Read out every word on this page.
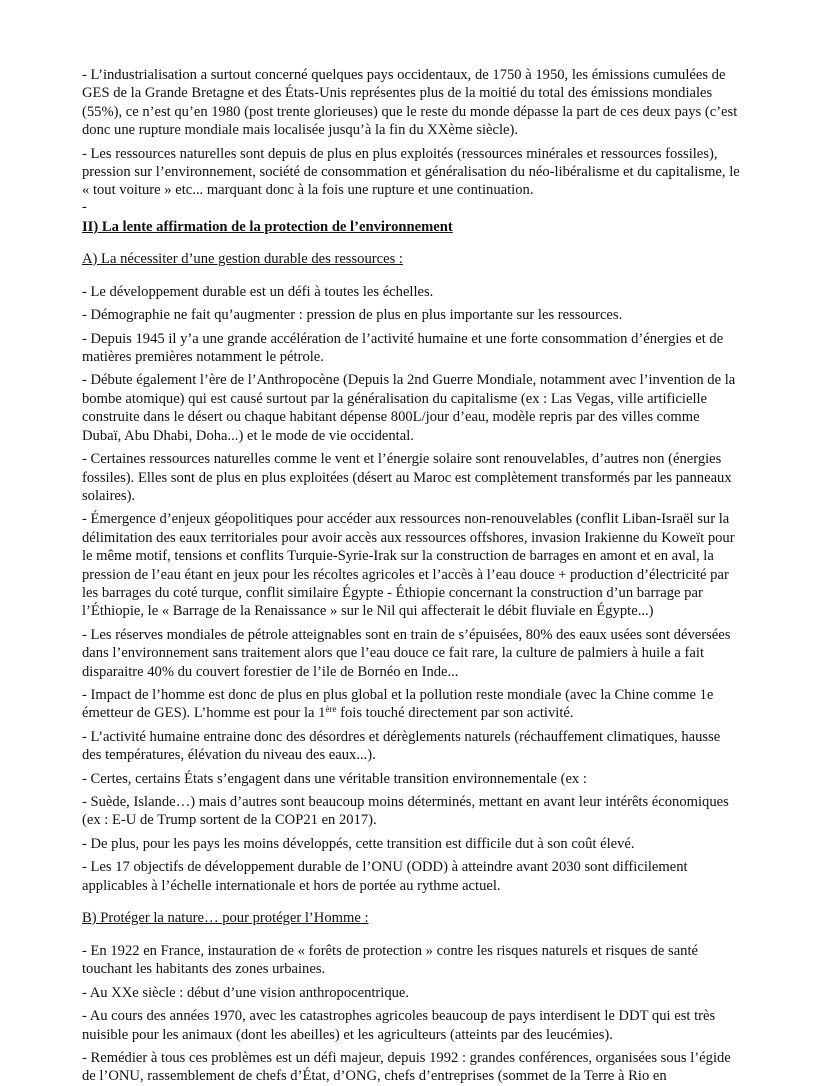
- L’industrialisation a surtout concerné quelques pays occidentaux, de 1750 à 1950, les émissions cumulées de GES de la Grande Bretagne et des États-Unis représentes plus de la moitié du total des émissions mondiales (55%), ce n’est qu’en 1980 (post trente glorieuses) que le reste du monde dépasse la part de ces deux pays (c’est donc une rupture mondiale mais localisée jusqu’à la fin du XXème siècle).

- Les ressources naturelles sont depuis de plus en plus exploités (ressources minérales et ressources fossiles), pression sur l’environnement, société de consommation et généralisation du néo-libéralisme et du capitalisme, le « tout voiture » etc... marquant donc à la fois une rupture et une continuation.

-

II) La lente affirmation de la protection de l’environnement

A) La nécessiter d’une gestion durable des ressources :

- Le développement durable est un défi à toutes les échelles.

- Démographie ne fait qu’augmenter : pression de plus en plus importante sur les ressources.

- Depuis 1945 il y’a une grande accélération de l’activité humaine et une forte consommation d’énergies et de matières premières notamment le pétrole.

- Débute également l’ère de l’Anthropocène (Depuis la 2nd Guerre Mondiale, notamment avec l’invention de la bombe atomique) qui est causé surtout par la généralisation du capitalisme (ex : Las Vegas, ville artificielle construite dans le désert ou chaque habitant dépense 800L/jour d’eau, modèle repris par des villes comme Dubaï, Abu Dhabi, Doha...) et le mode de vie occidental.

- Certaines ressources naturelles comme le vent et l’énergie solaire sont renouvelables, d’autres non (énergies fossiles). Elles sont de plus en plus exploitées (désert au Maroc est complètement transformés par les panneaux solaires).

- Émergence d’enjeux géopolitiques pour accéder aux ressources non-renouvelables (conflit Liban-Israël sur la délimitation des eaux territoriales pour avoir accès aux ressources offshores, invasion Irakienne du Koweït pour le même motif, tensions et conflits Turquie-Syrie-Irak sur la construction de barrages en amont et en aval, la pression de l’eau étant en jeux pour les récoltes agricoles et l’accès à l’eau douce + production d’électricité par les barrages du coté turque, conflit similaire Égypte - Éthiopie concernant la construction d’un barrage par l’Éthiopie, le « Barrage de la Renaissance » sur le Nil qui affecterait le débit fluviale en Égypte...)

- Les réserves mondiales de pétrole atteignables sont en train de s’épuisées, 80% des eaux usées sont déversées dans l’environnement sans traitement alors que l’eau douce ce fait rare, la culture de palmiers à huile a fait disparaitre 40% du couvert forestier de l’ile de Bornéo en Inde...

- Impact de l’homme est donc de plus en plus global et la pollution reste mondiale (avec la Chine comme 1e émetteur de GES). L’homme est pour la 1ère fois touché directement par son activité.

- L’activité humaine entraine donc des désordres et dérèglements naturels (réchauffement climatiques, hausse des températures, élévation du niveau des eaux...).

- Certes, certains États s’engagent dans une véritable transition environnementale (ex :

- Suède, Islande…) mais d’autres sont beaucoup moins déterminés, mettant en avant leur intérêts économiques (ex : E-U de Trump sortent de la COP21 en 2017).

- De plus, pour les pays les moins développés, cette transition est difficile dut à son coût élevé.

- Les 17 objectifs de développement durable de l’ONU (ODD) à atteindre avant 2030 sont difficilement applicables à l’échelle internationale et hors de portée au rythme actuel.

B) Protéger la nature… pour protéger l’Homme :

- En 1922 en France, instauration de « forêts de protection » contre les risques naturels et risques de santé touchant les habitants des zones urbaines.

- Au XXe siècle : début d’une vision anthropocentrique.

- Au cours des années 1970, avec les catastrophes agricoles beaucoup de pays interdisent le DDT qui est très nuisible pour les animaux (dont les abeilles) et les agriculteurs (atteints par des leucémies).

- Remédier à tous ces problèmes est un défi majeur, depuis 1992 : grandes conférences, organisées sous l’égide de l’ONU, rassemblement de chefs d’État, d’ONG, chefs d’entreprises (sommet de la Terre à Rio en
